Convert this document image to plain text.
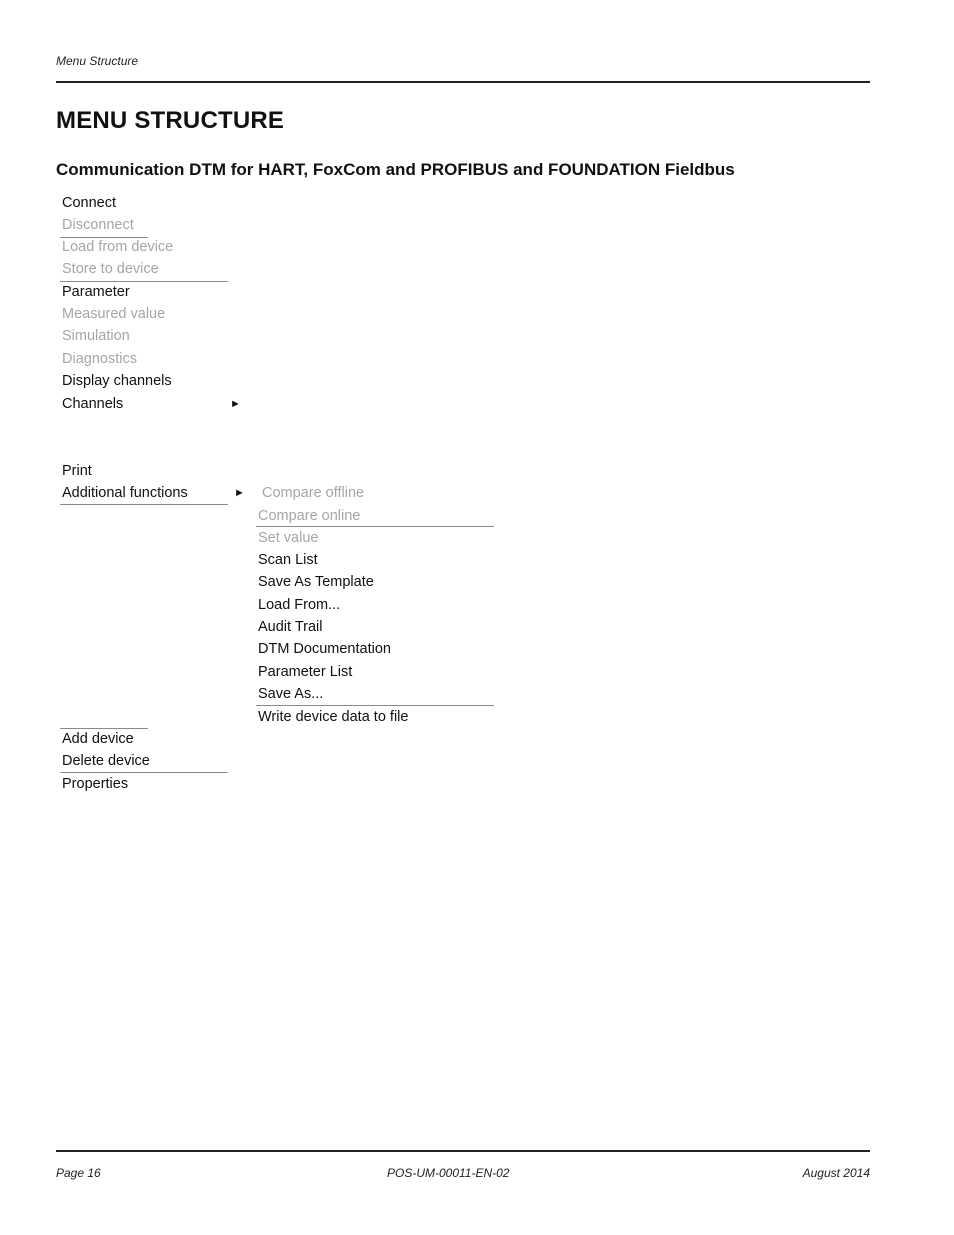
Menu Structure
MENU STRUCTURE
Communication DTM for HART, FoxCom and PROFIBUS and FOUNDATION Fieldbus
Connect
Disconnect
Load from device
Store to device
Parameter
Measured value
Simulation
Diagnostics
Display channels
Channels	►
Print
Additional functions	►
Add device
Delete device
Properties
Compare offline
Compare online
Set value
Scan List
Save As Template
Load From...
Audit Trail
DTM Documentation
Parameter List
Save As...
Write device data to file
Page 16	POS-UM-00011-EN-02	August 2014
